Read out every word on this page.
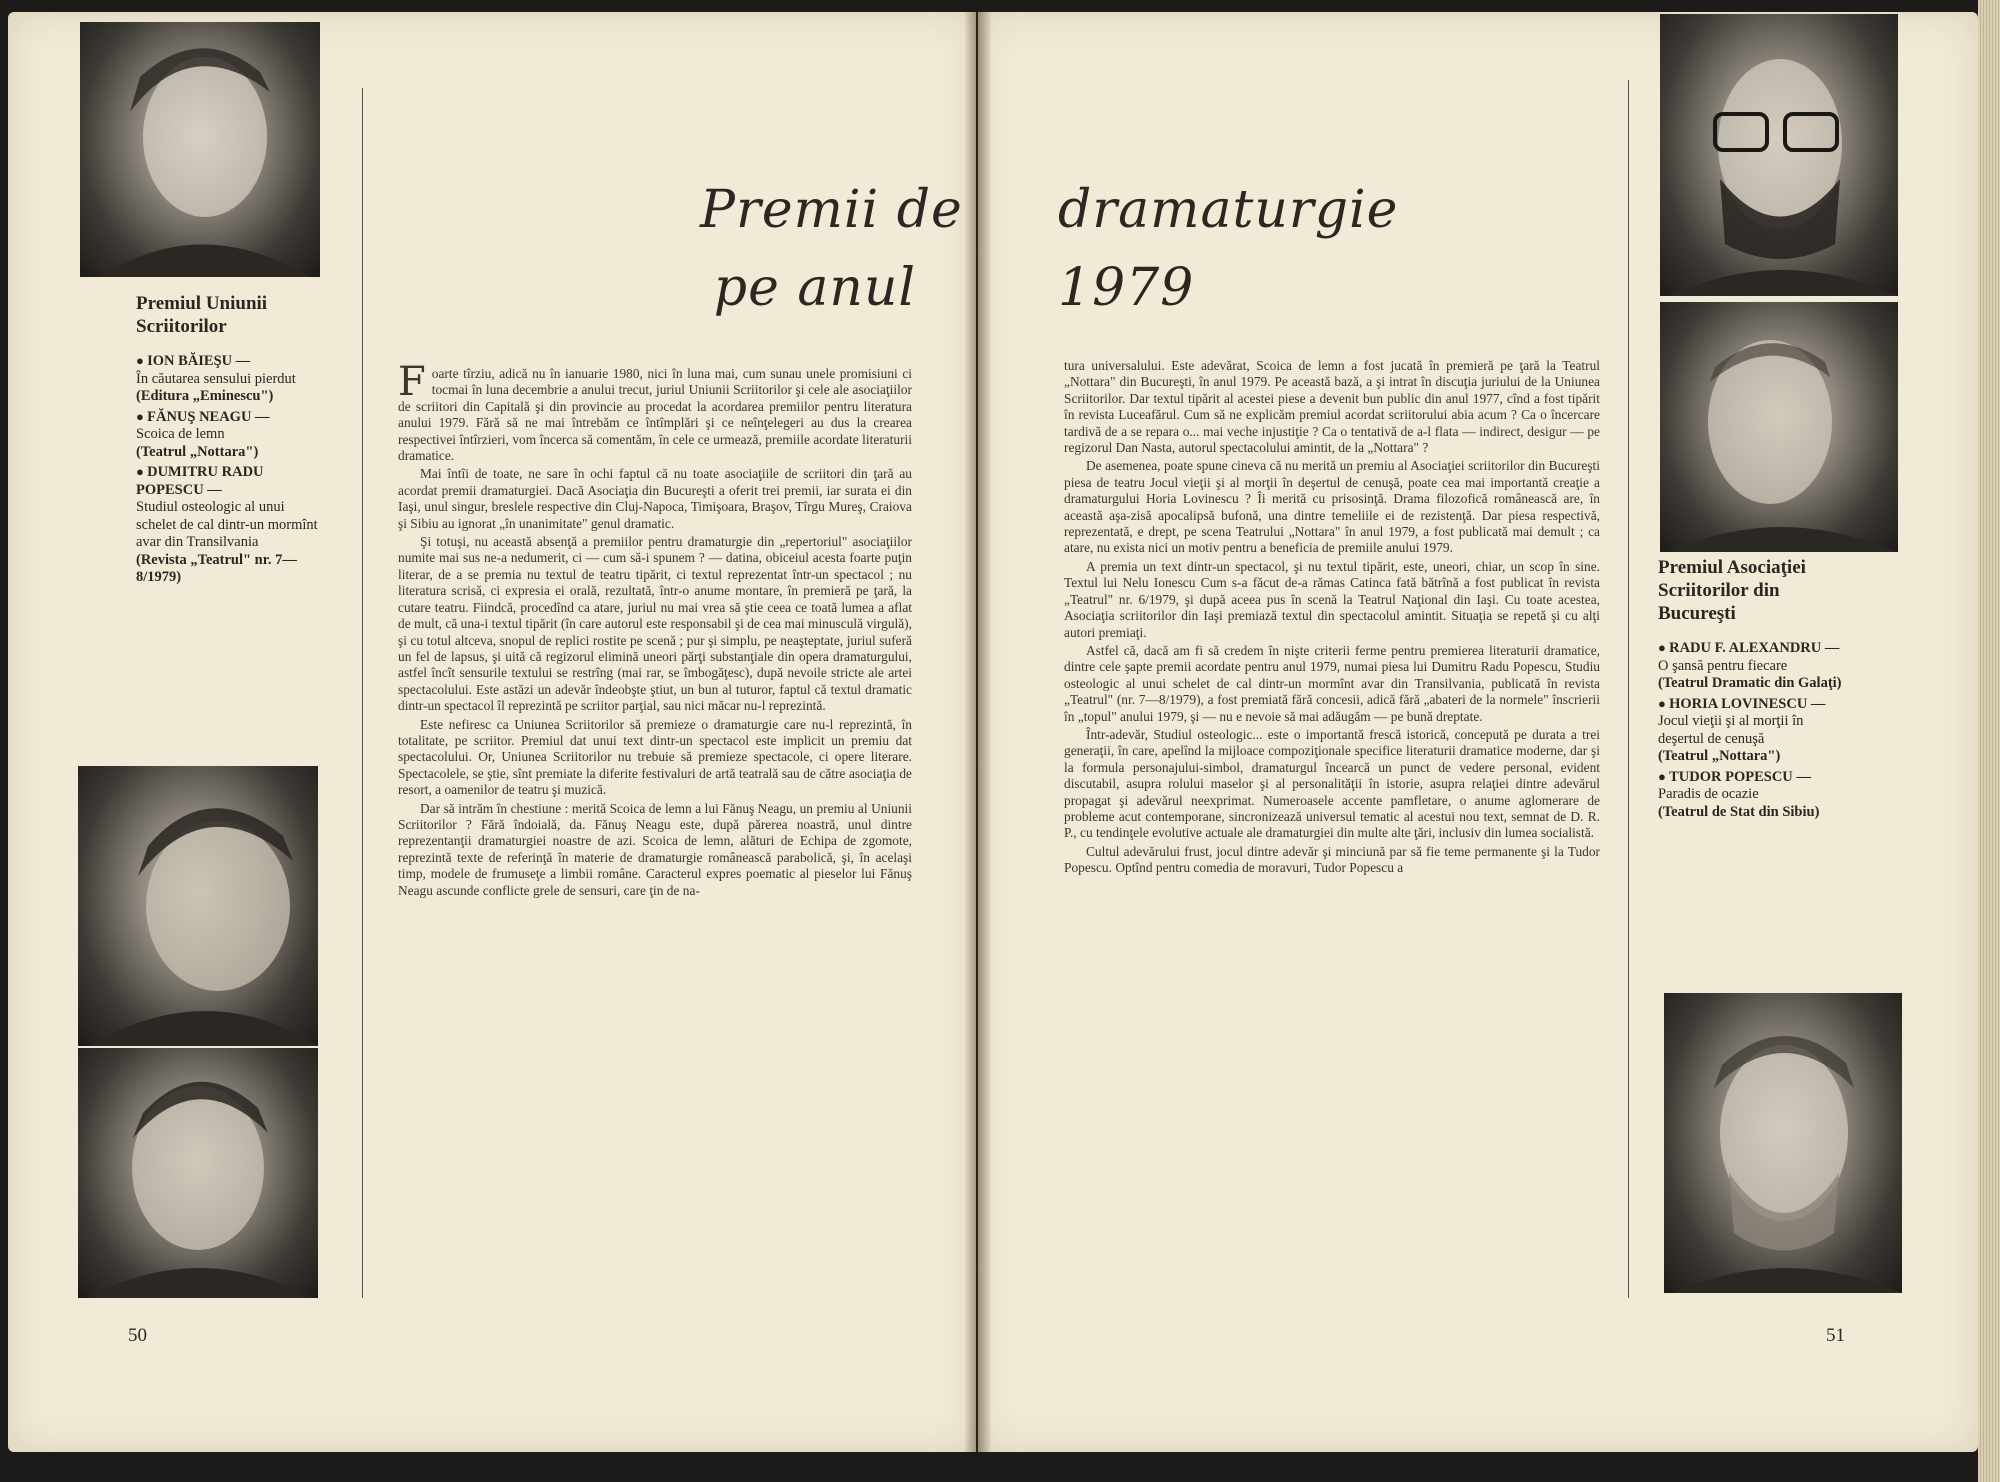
Premiul Uniunii Scriitorilor
● ION BĂIEŞU —
În căutarea sensului pierdut
(Editura „Eminescu")
● FĂNUŞ NEAGU —
Scoica de lemn
(Teatrul „Nottara")
● DUMITRU RADU POPESCU —
Studiul osteologic al unui schelet de cal dintr-un mormînt avar din Transilvania
(Revista „Teatrul" nr. 7—8/1979)
Premii de
pe anul

Foarte tîrziu, adică nu în ianuarie 1980, nici în luna mai, cum sunau unele promisiuni ci tocmai în luna decembrie a anului trecut, juriul Uniunii Scriitorilor şi cele ale asociaţiilor de scriitori din Capitală şi din provincie au procedat la acordarea premiilor pentru literatura anului 1979. Fără să ne mai întrebăm ce întîmplări şi ce neînţelegeri au dus la crearea respectivei întîrzieri, vom încerca să comentăm, în cele ce urmează, premiile acordate literaturii dramatice.

Mai întîi de toate, ne sare în ochi faptul că nu toate asociaţiile de scriitori din ţară au acordat premii dramaturgiei. Dacă Asociaţia din Bucureşti a oferit trei premii, iar surata ei din Iaşi, unul singur, breslele respective din Cluj-Napoca, Timişoara, Braşov, Tîrgu Mureş, Craiova şi Sibiu au ignorat „în unanimitate" genul dramatic.

Şi totuşi, nu această absenţă a premiilor pentru dramaturgie din „repertoriul" asociaţiilor numite mai sus ne-a nedumerit, ci — cum să-i spunem ? — datina, obiceiul acesta foarte puţin literar, de a se premia nu textul de teatru tipărit, ci textul reprezentat într-un spectacol ; nu literatura scrisă, ci expresia ei orală, rezultată, într-o anume montare, în premieră pe ţară, la cutare teatru. Fiindcă, procedînd ca atare, juriul nu mai vrea să ştie ceea ce toată lumea a aflat de mult, că una-i textul tipărit (în care autorul este responsabil şi de cea mai minusculă virgulă), şi cu totul altceva, snopul de replici rostite pe scenă ; pur şi simplu, pe neaşteptate, juriul suferă un fel de lapsus, şi uită că regizorul elimină uneori părţi substanţiale din opera dramaturgului, astfel încît sensurile textului se restrîng (mai rar, se îmbogăţesc), după nevoile stricte ale artei spectacolului. Este astăzi un adevăr îndeobşte ştiut, un bun al tuturor, faptul că textul dramatic dintr-un spectacol îl reprezintă pe scriitor parţial, sau nici măcar nu-l reprezintă.

Este nefiresc ca Uniunea Scriitorilor să premieze o dramaturgie care nu-l reprezintă, în totalitate, pe scriitor. Premiul dat unui text dintr-un spectacol este implicit un premiu dat spectacolului. Or, Uniunea Scriitorilor nu trebuie să premieze spectacole, ci opere literare. Spectacolele, se ştie, sînt premiate la diferite festivaluri de artă teatrală sau de către asociaţia de resort, a oamenilor de teatru şi muzică.

Dar să intrăm în chestiune : merită Scoica de lemn a lui Fănuş Neagu, un premiu al Uniunii Scriitorilor ? Fără îndoială, da. Fănuş Neagu este, după părerea noastră, unul dintre reprezentanţii dramaturgiei noastre de azi. Scoica de lemn, alături de Echipa de zgomote, reprezintă texte de referinţă în materie de dramaturgie românească parabolică, şi, în acelaşi timp, modele de frumuseţe a limbii române. Caracterul expres poematic al pieselor lui Fănuş Neagu ascunde conflicte grele de sensuri, care ţin de na-

50
dramaturgie
1979

tura universalului. Este adevărat, Scoica de lemn a fost jucată în premieră pe ţară la Teatrul „Nottara" din Bucureşti, în anul 1979. Pe această bază, a şi intrat în discuţia juriului de la Uniunea Scriitorilor. Dar textul tipărit al acestei piese a devenit bun public din anul 1977, cînd a fost tipărit în revista Luceafărul. Cum să ne explicăm premiul acordat scriitorului abia acum ? Ca o încercare tardivă de a se repara o... mai veche injustiţie ? Ca o tentativă de a-l flata — indirect, desigur — pe regizorul Dan Nasta, autorul spectacolului amintit, de la „Nottara" ?

De asemenea, poate spune cineva că nu merită un premiu al Asociaţiei scriitorilor din Bucureşti piesa de teatru Jocul vieţii şi al morţii în deşertul de cenuşă, poate cea mai importantă creaţie a dramaturgului Horia Lovinescu ? Îi merită cu prisosinţă. Drama filozofică românească are, în această aşa-zisă apocalipsă bufonă, una dintre temeliile ei de rezistenţă. Dar piesa respectivă, reprezentată, e drept, pe scena Teatrului „Nottara" în anul 1979, a fost publicată mai demult ; ca atare, nu exista nici un motiv pentru a beneficia de premiile anului 1979.

A premia un text dintr-un spectacol, şi nu textul tipărit, este, uneori, chiar, un scop în sine. Textul lui Nelu Ionescu Cum s-a făcut de-a rămas Catinca fată bătrînă a fost publicat în revista „Teatrul" nr. 6/1979, şi după aceea pus în scenă la Teatrul Naţional din Iaşi. Cu toate acestea, Asociaţia scriitorilor din Iaşi premiază textul din spectacolul amintit. Situaţia se repetă şi cu alţi autori premiaţi.

Astfel că, dacă am fi să credem în nişte criterii ferme pentru premierea literaturii dramatice, dintre cele şapte premii acordate pentru anul 1979, numai piesa lui Dumitru Radu Popescu, Studiu osteologic al unui schelet de cal dintr-un mormînt avar din Transilvania, publicată în revista „Teatrul" (nr. 7—8/1979), a fost premiată fără concesii, adică fără „abateri de la normele" înscrierii în „topul" anului 1979, şi — nu e nevoie să mai adăugăm — pe bună dreptate.

Într-adevăr, Studiul osteologic... este o importantă frescă istorică, concepută pe durata a trei generaţii, în care, apelînd la mijloace compoziţionale specifice literaturii dramatice moderne, dar şi la formula personajului-simbol, dramaturgul încearcă un punct de vedere personal, evident discutabil, asupra rolului maselor şi al personalităţii în istorie, asupra relaţiei dintre adevărul propagat şi adevărul neexprimat. Numeroasele accente pamfletare, o anume aglomerare de probleme acut contemporane, sincronizează universul tematic al acestui nou text, semnat de D. R. P., cu tendinţele evolutive actuale ale dramaturgiei din multe alte ţări, inclusiv din lumea socialistă.

Cultul adevărului frust, jocul dintre adevăr şi minciună par să fie teme permanente şi la Tudor Popescu. Optînd pentru comedia de moravuri, Tudor Popescu a

Premiul Asociaţiei Scriitorilor din Bucureşti
● RADU F. ALEXANDRU —
O şansă pentru fiecare
(Teatrul Dramatic din Galaţi)
● HORIA LOVINESCU —
Jocul vieţii şi al morţii în deşertul de cenuşă
(Teatrul „Nottara")
● TUDOR POPESCU —
Paradis de ocazie
(Teatrul de Stat din Sibiu)
51
